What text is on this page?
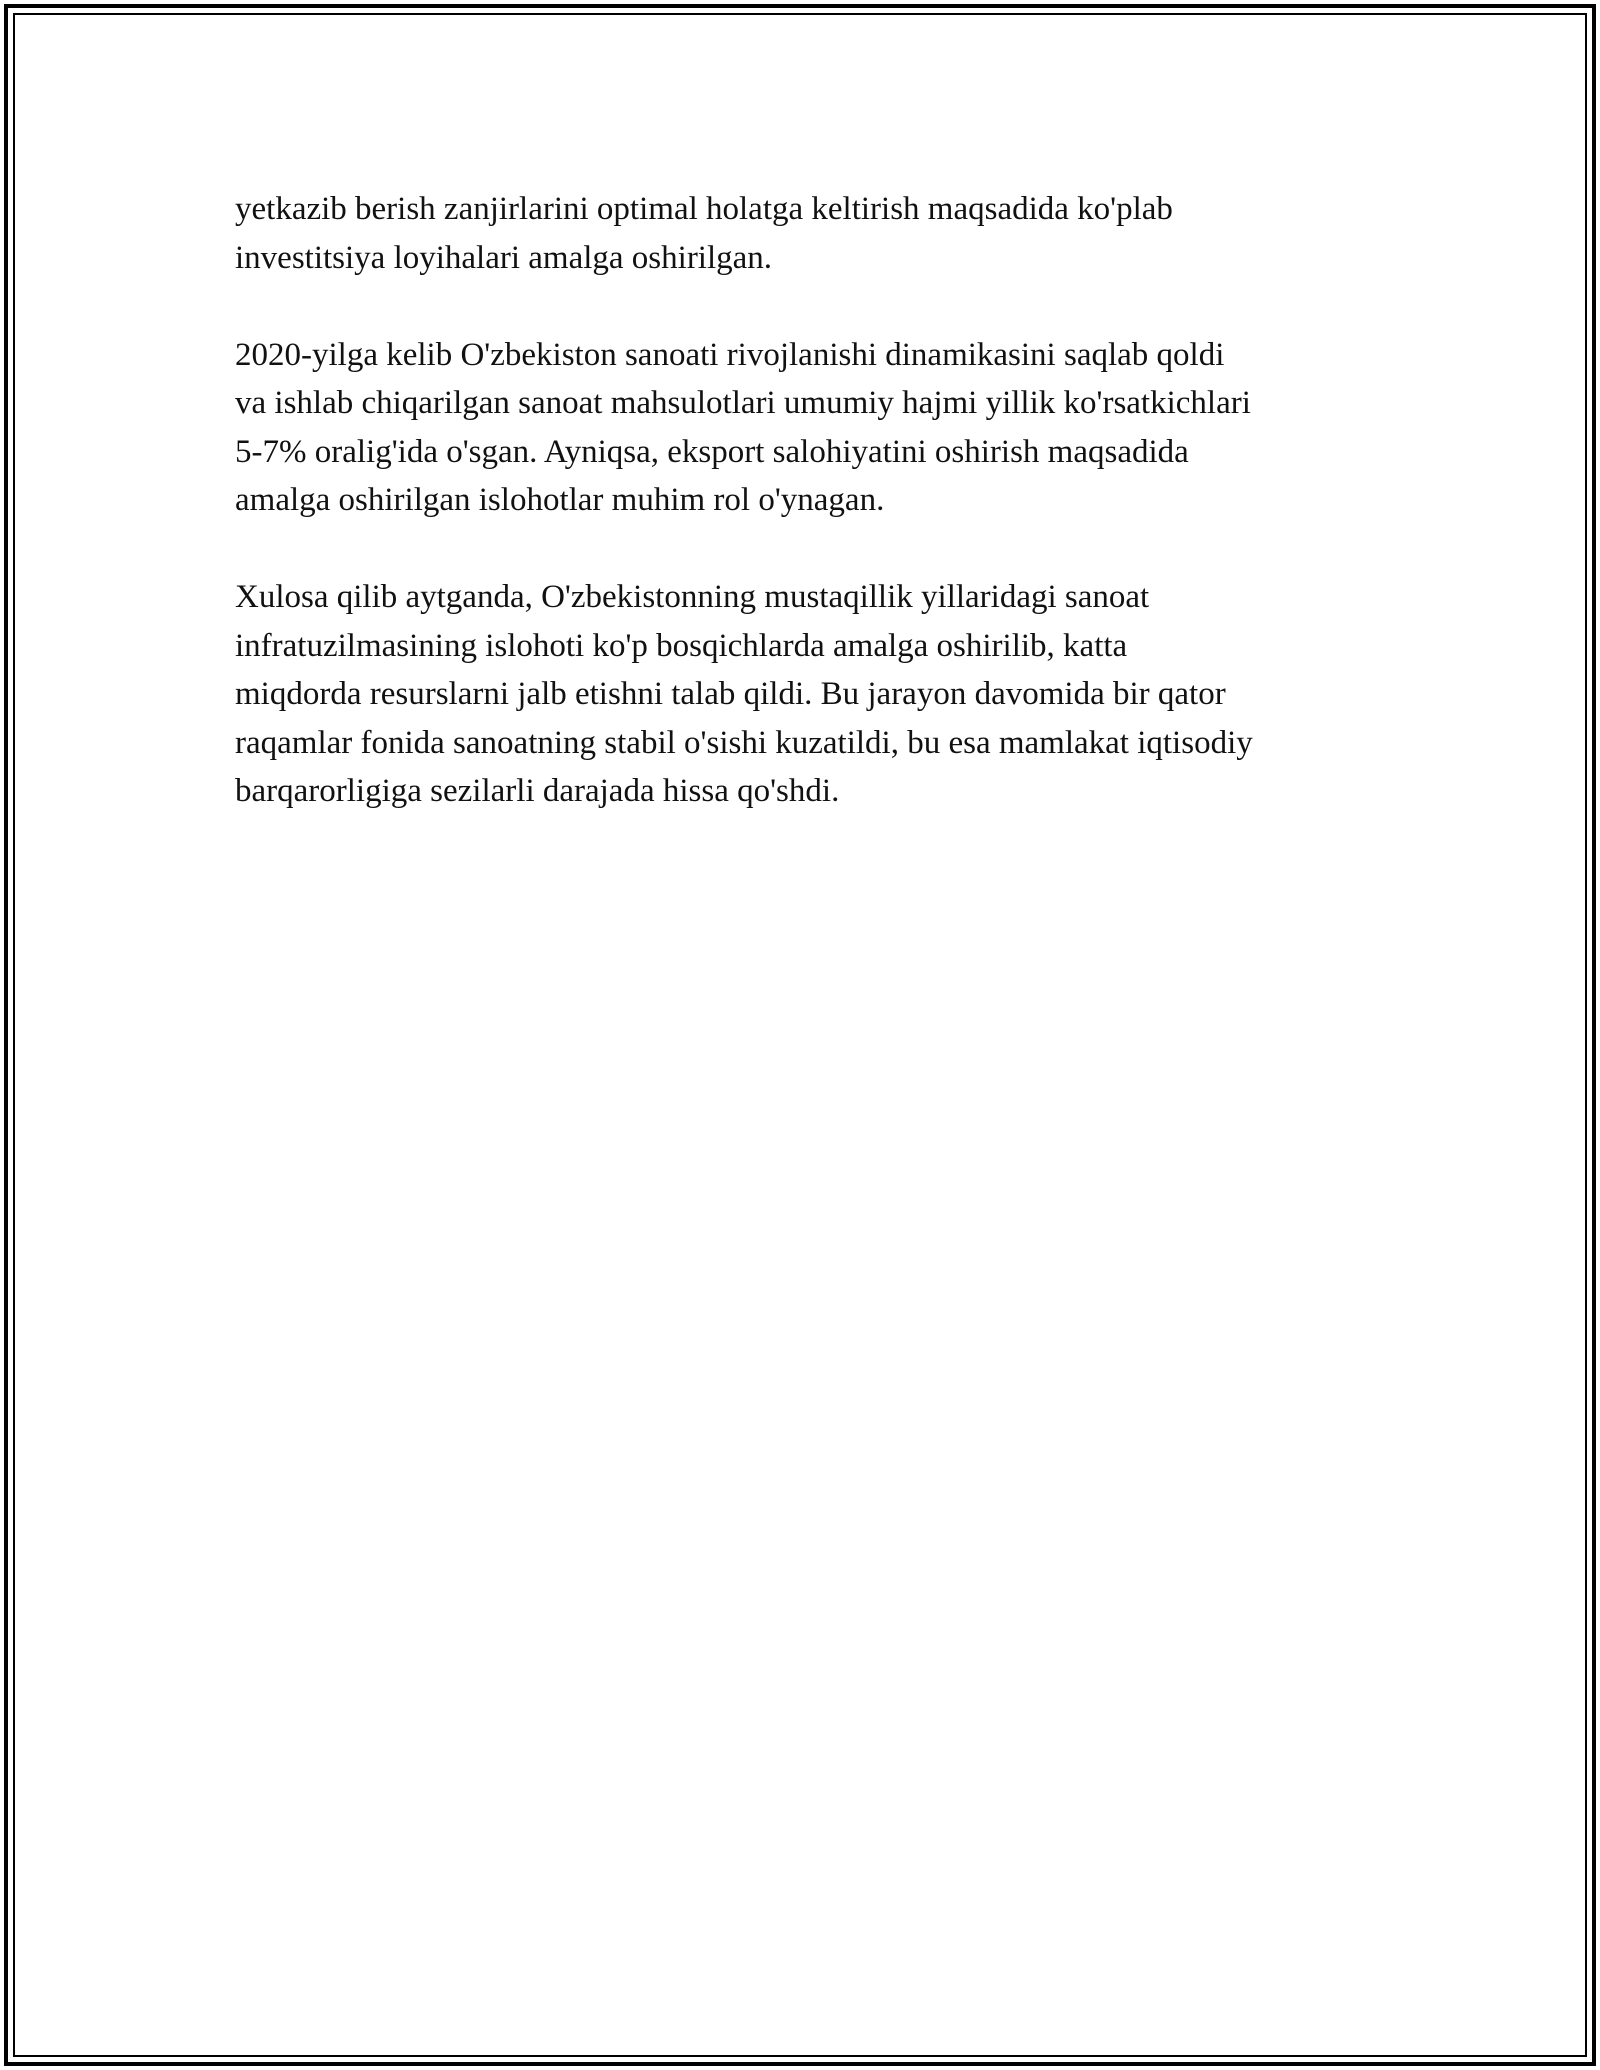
yetkazib berish zanjirlarini optimal holatga keltirish maqsadida ko'plab
investitsiya loyihalari amalga oshirilgan.

2020-yilga kelib O'zbekiston sanoati rivojlanishi dinamikasini saqlab qoldi
va ishlab chiqarilgan sanoat mahsulotlari umumiy hajmi yillik ko'rsatkichlari
5-7% oralig'ida o'sgan. Ayniqsa, eksport salohiyatini oshirish maqsadida
amalga oshirilgan islohotlar muhim rol o'ynagan.

Xulosa qilib aytganda, O'zbekistonning mustaqillik yillaridagi sanoat
infratuzilmasining islohoti ko'p bosqichlarda amalga oshirilib, katta
miqdorda resurslarni jalb etishni talab qildi. Bu jarayon davomida bir qator
raqamlar fonida sanoatning stabil o'sishi kuzatildi, bu esa mamlakat iqtisodiy
barqarorligiga sezilarli darajada hissa qo'shdi.
